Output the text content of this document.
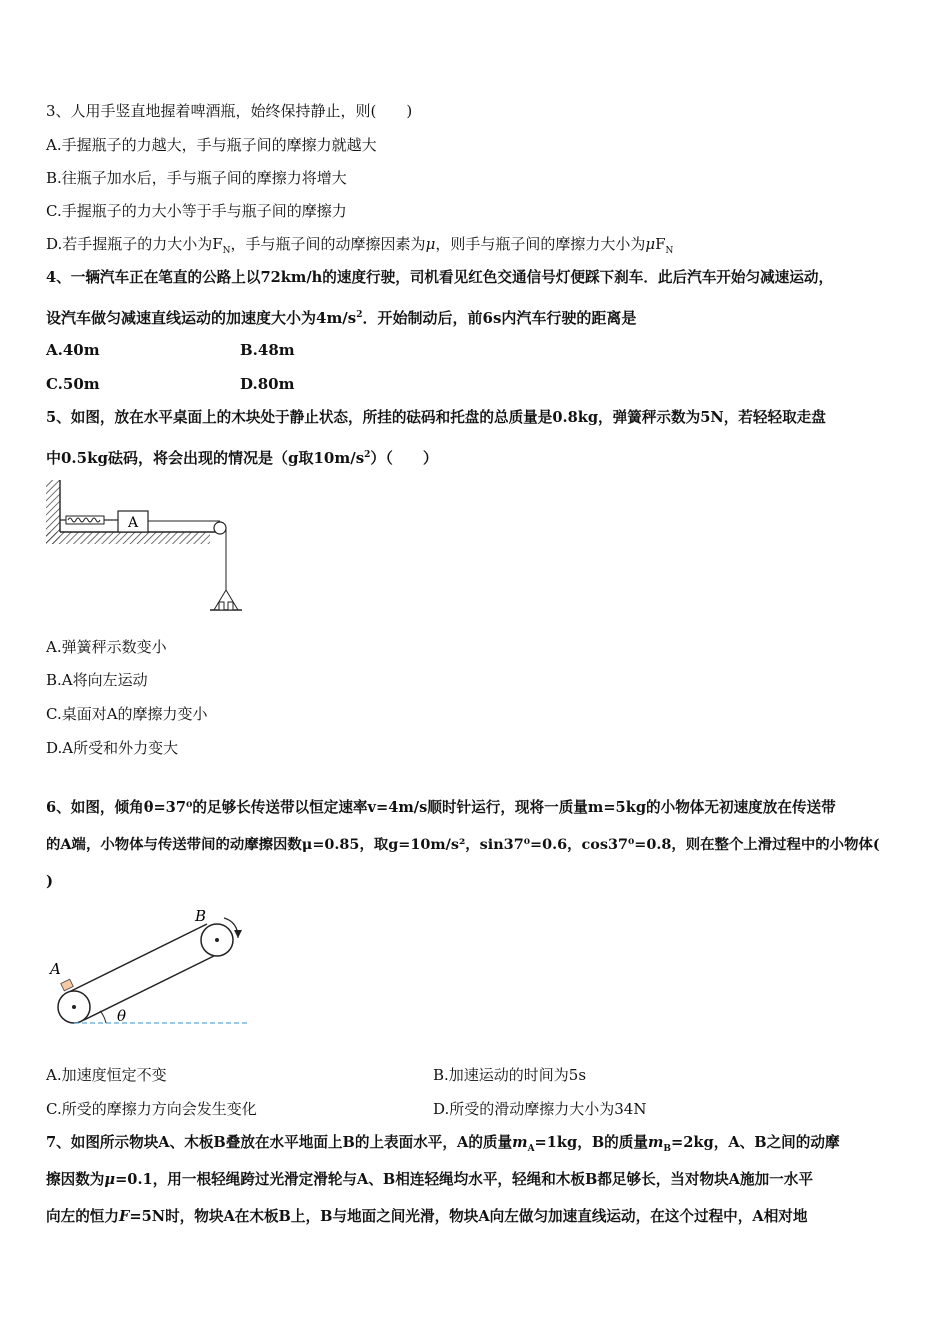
3、人用手竖直地握着啤酒瓶，始终保持静止，则(　　)
A.手握瓶子的力越大，手与瓶子间的摩擦力就越大
B.往瓶子加水后，手与瓶子间的摩擦力将增大
C.手握瓶子的力大小等于手与瓶子间的摩擦力
D.若手握瓶子的力大小为$F_N$，手与瓶子间的动摩擦因素为μ，则手与瓶子间的摩擦力大小为$\mu F_N$
4、一辆汽车正在笔直的公路上以72km/h的速度行驶，司机看见红色交通信号灯便踩下刹车．此后汽车开始匀减速运动，
设汽车做匀减速直线运动的加速度大小为$4m/s^2$．开始制动后，前6s内汽车行驶的距离是
A.40m	B.48m
C.50m	D.80m
5、如图，放在水平桌面上的木块处于静止状态，所挂的砝码和托盘的总质量是0.8kg，弹簧秤示数为5N，若轻轻取走盘
中0.5kg砝码，将会出现的情况是（g取$10m/s^2$）（　　）
A
A.弹簧秤示数变小
B.A将向左运动
C.桌面对A的摩擦力变小
D.A所受和外力变大
6、如图，倾角θ=37⁰的足够长传送带以恒定速率v=4m/s顺时针运行，现将一质量m=5kg的小物体无初速度放在传送带
的A端，小物体与传送带间的动摩擦因数μ=0.85，取g=10m/s²，sin37⁰=0.6，cos37⁰=0.8，则在整个上滑过程中的小物体(
)
A
B
θ
A.加速度恒定不变	B.加速运动的时间为5s
C.所受的摩擦力方向会发生变化	D.所受的滑动摩擦力大小为34N
7、如图所示物块A、木板B叠放在水平地面上B的上表面水平，A的质量$m_A=1kg$，B的质量$m_B=2kg$，A、B之间的动摩
擦因数为μ=0.1，用一根轻绳跨过光滑定滑轮与A、B相连轻绳均水平，轻绳和木板B都足够长，当对物块A施加一水平
向左的恒力F=5N时，物块A在木板B上，B与地面之间光滑，物块A向左做匀加速直线运动，在这个过程中，A相对地
